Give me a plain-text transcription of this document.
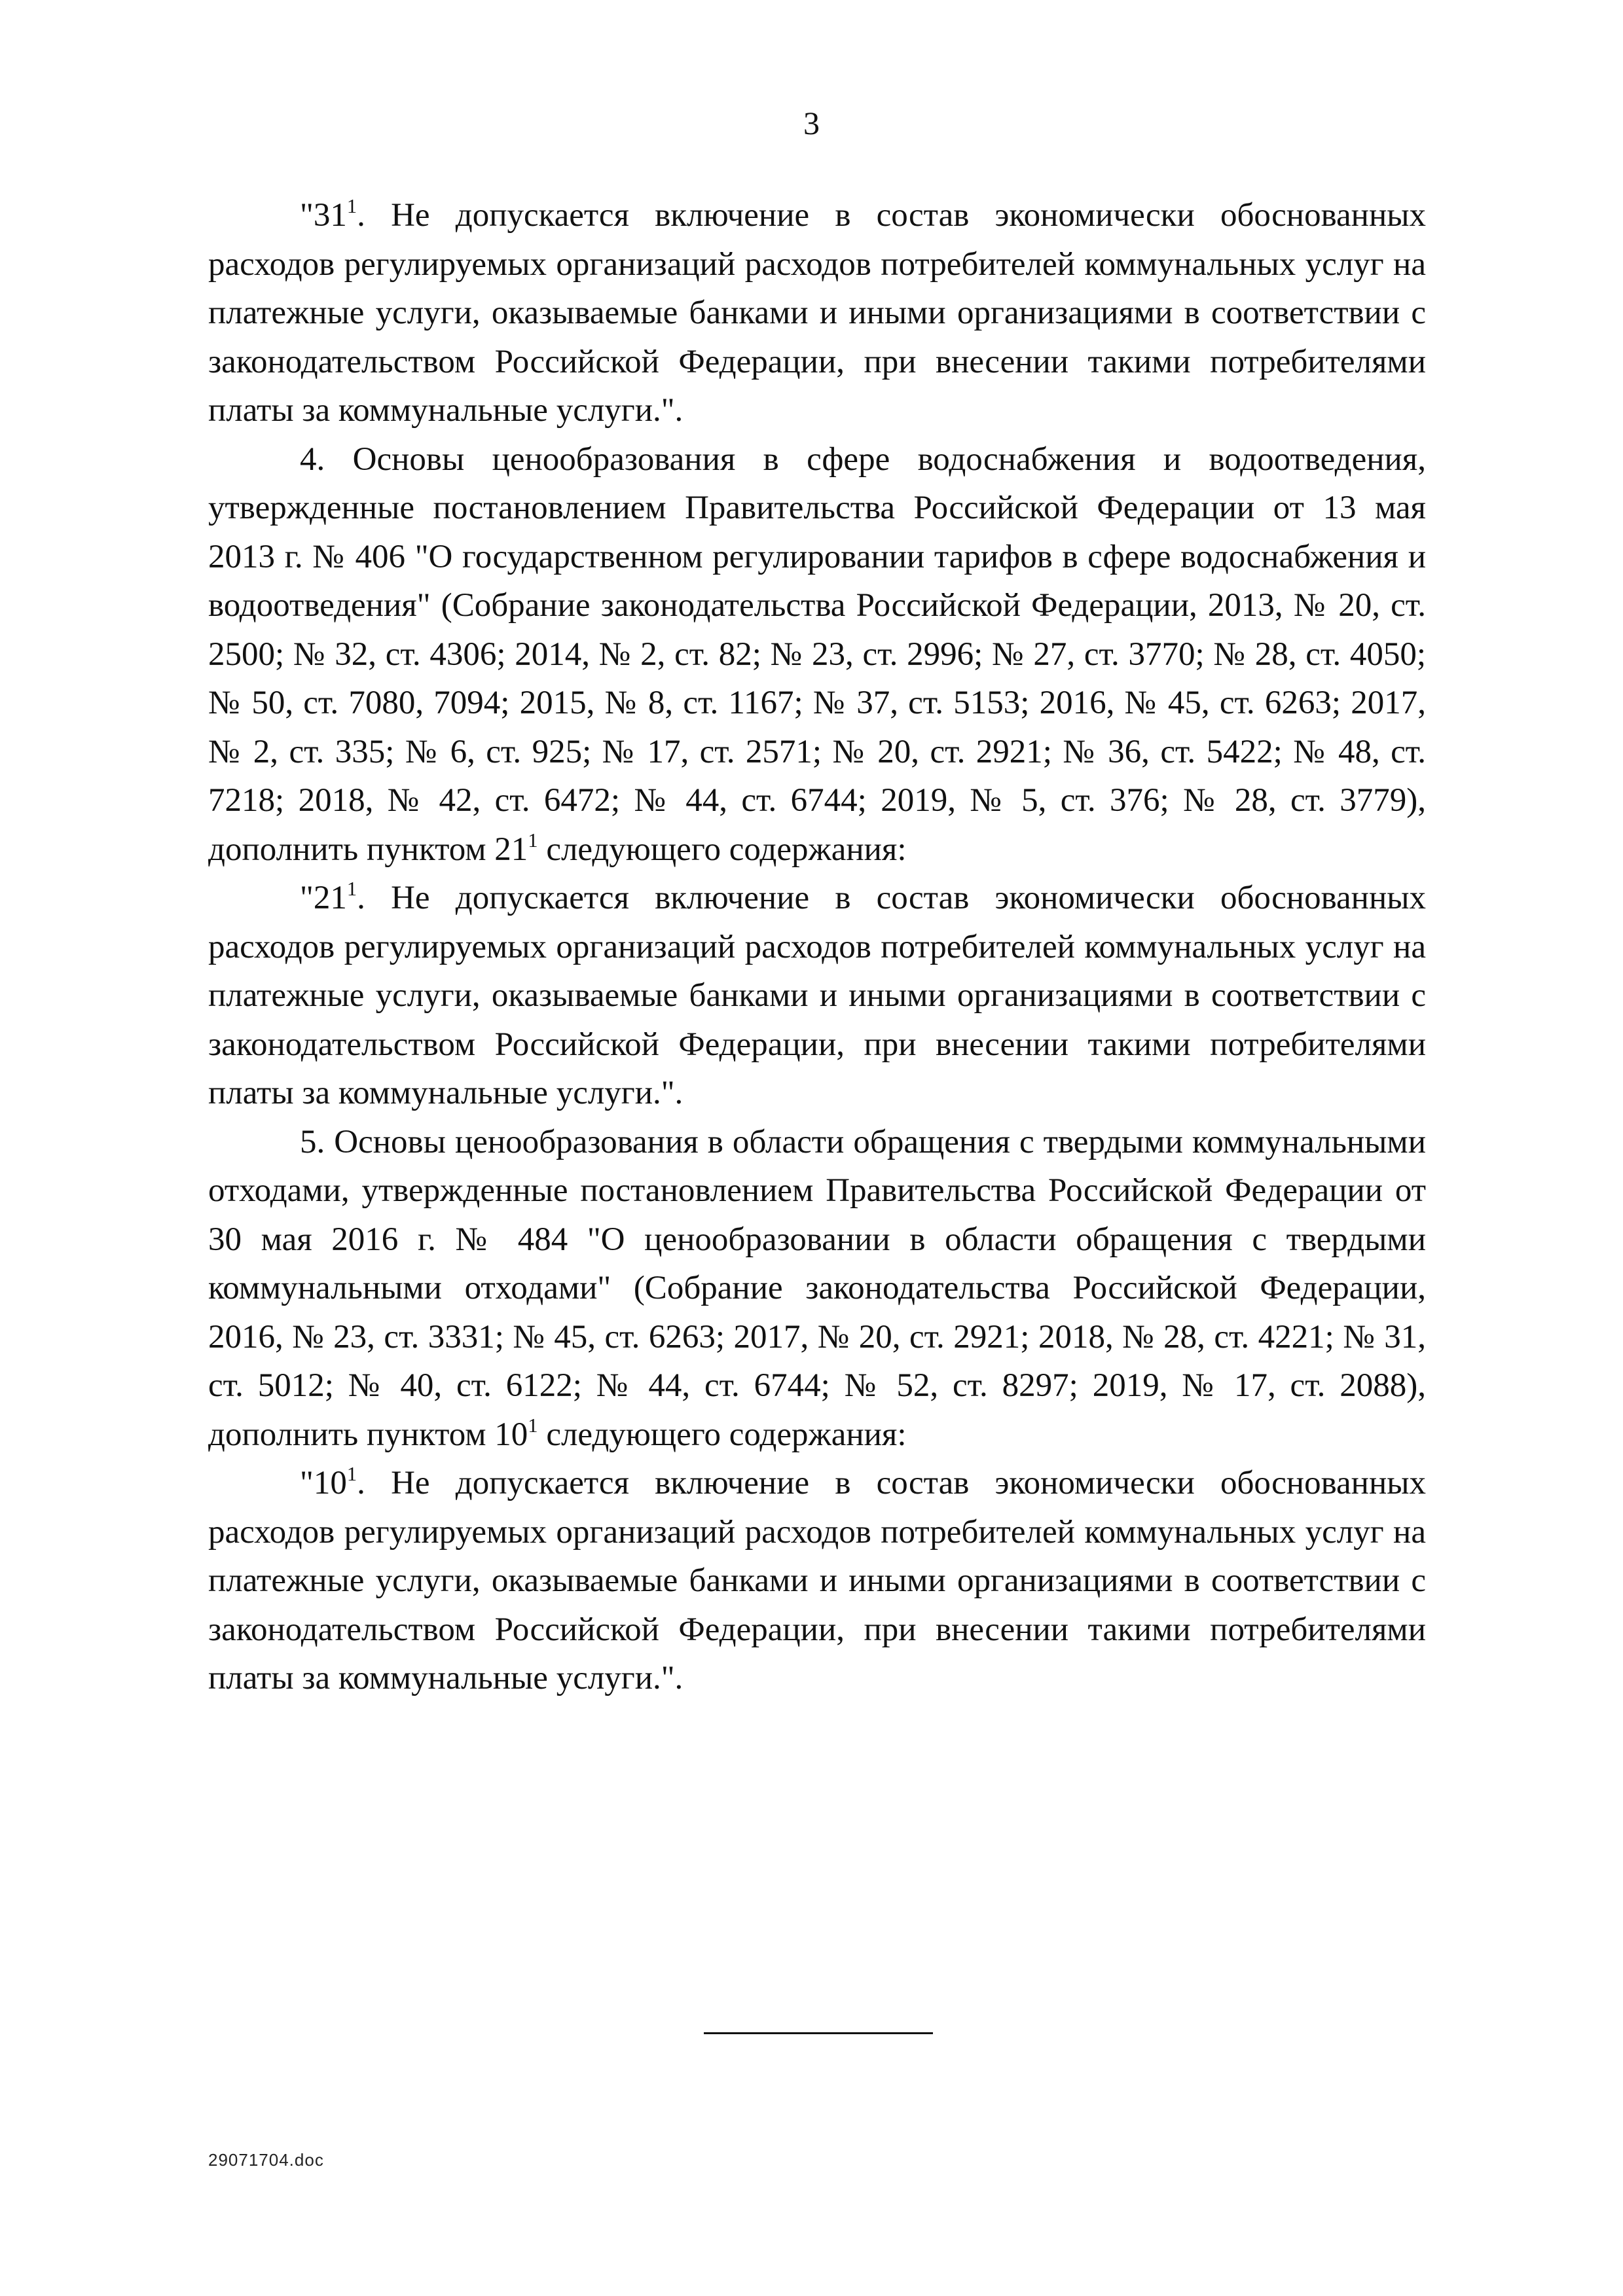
3

"$31^1$. Не допускается включение в состав экономически обоснованных расходов регулируемых организаций расходов потребителей коммунальных услуг на платежные услуги, оказываемые банками и иными организациями в соответствии с законодательством Российской Федерации, при внесении такими потребителями платы за коммунальные услуги.".

4. Основы ценообразования в сфере водоснабжения и водоотведения, утвержденные постановлением Правительства Российской Федерации от 13 мая 2013 г. № 406 "О государственном регулировании тарифов в сфере водоснабжения и водоотведения" (Собрание законодательства Российской Федерации, 2013, № 20, ст. 2500; № 32, ст. 4306; 2014, № 2, ст. 82; № 23, ст. 2996; № 27, ст. 3770; № 28, ст. 4050; № 50, ст. 7080, 7094; 2015, № 8, ст. 1167; № 37, ст. 5153; 2016, № 45, ст. 6263; 2017, № 2, ст. 335; № 6, ст. 925; № 17, ст. 2571; № 20, ст. 2921; № 36, ст. 5422; № 48, ст. 7218; 2018, № 42, ст. 6472; № 44, ст. 6744; 2019, № 5, ст. 376; № 28, ст. 3779), дополнить пунктом $21^1$ следующего содержания:

"$21^1$. Не допускается включение в состав экономически обоснованных расходов регулируемых организаций расходов потребителей коммунальных услуг на платежные услуги, оказываемые банками и иными организациями в соответствии с законодательством Российской Федерации, при внесении такими потребителями платы за коммунальные услуги.".

5. Основы ценообразования в области обращения с твердыми коммунальными отходами, утвержденные постановлением Правительства Российской Федерации от 30 мая 2016 г. № 484 "О ценообразовании в области обращения с твердыми коммунальными отходами" (Собрание законодательства Российской Федерации, 2016, № 23, ст. 3331; № 45, ст. 6263; 2017, № 20, ст. 2921; 2018, № 28, ст. 4221; № 31, ст. 5012; № 40, ст. 6122; № 44, ст. 6744; № 52, ст. 8297; 2019, № 17, ст. 2088), дополнить пунктом $10^1$ следующего содержания:

"$10^1$. Не допускается включение в состав экономически обоснованных расходов регулируемых организаций расходов потребителей коммунальных услуг на платежные услуги, оказываемые банками и иными организациями в соответствии с законодательством Российской Федерации, при внесении такими потребителями платы за коммунальные услуги.".

29071704.doc
